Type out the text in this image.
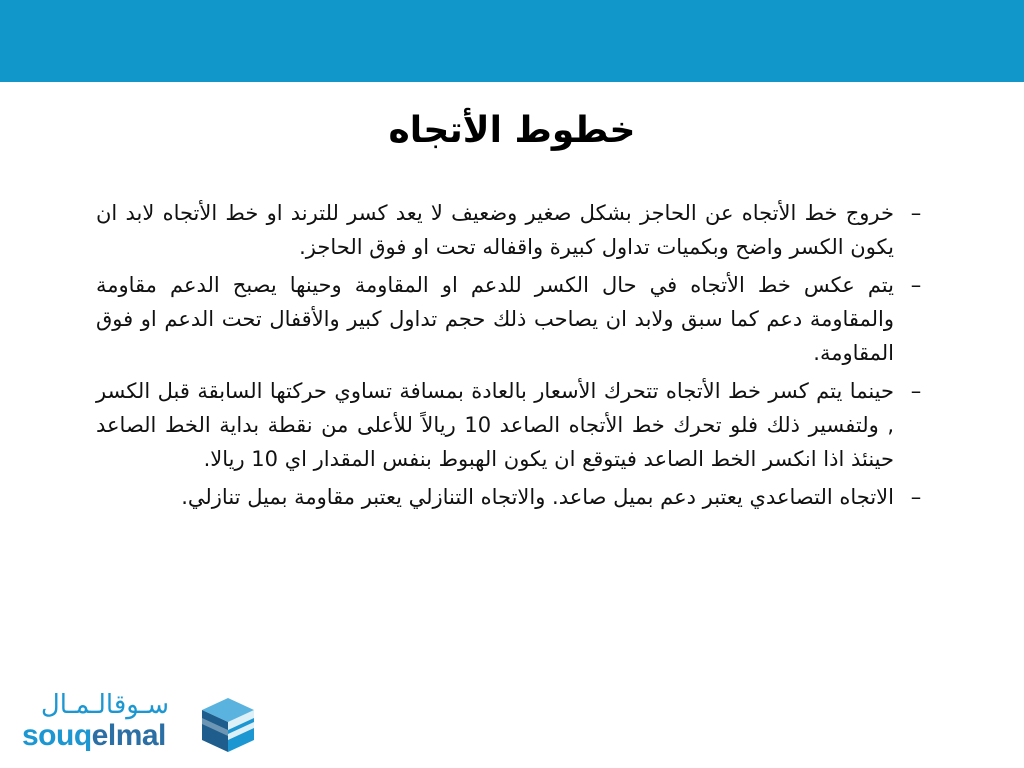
خطوط الأتجاه
–
خروج خط الأتجاه عن الحاجز بشكل صغير وضعيف لا يعد كسر للترند او خط الأتجاه لابد ان يكون الكسر واضح وبكميات تداول كبيرة واقفاله تحت او فوق الحاجز.
–
يتم عكس خط الأتجاه في حال الكسر للدعم او المقاومة وحينها يصبح الدعم مقاومة والمقاومة دعم كما سبق ولابد ان يصاحب ذلك حجم تداول كبير والأقفال تحت الدعم او فوق المقاومة.
–
حينما يتم كسر خط الأتجاه تتحرك الأسعار بالعادة بمسافة تساوي حركتها السابقة قبل الكسر , ولتفسير ذلك فلو تحرك خط الأتجاه الصاعد 10 ريالاً للأعلى من نقطة بداية الخط الصاعد حينئذ اذا انكسر الخط الصاعد فيتوقع ان يكون الهبوط بنفس المقدار اي 10 ريالا.
–
الاتجاه التصاعدي يعتبر دعم بميل صاعد. والاتجاه التنازلي يعتبر مقاومة بميل تنازلي.
سـوقالـمـال
souqelmal
